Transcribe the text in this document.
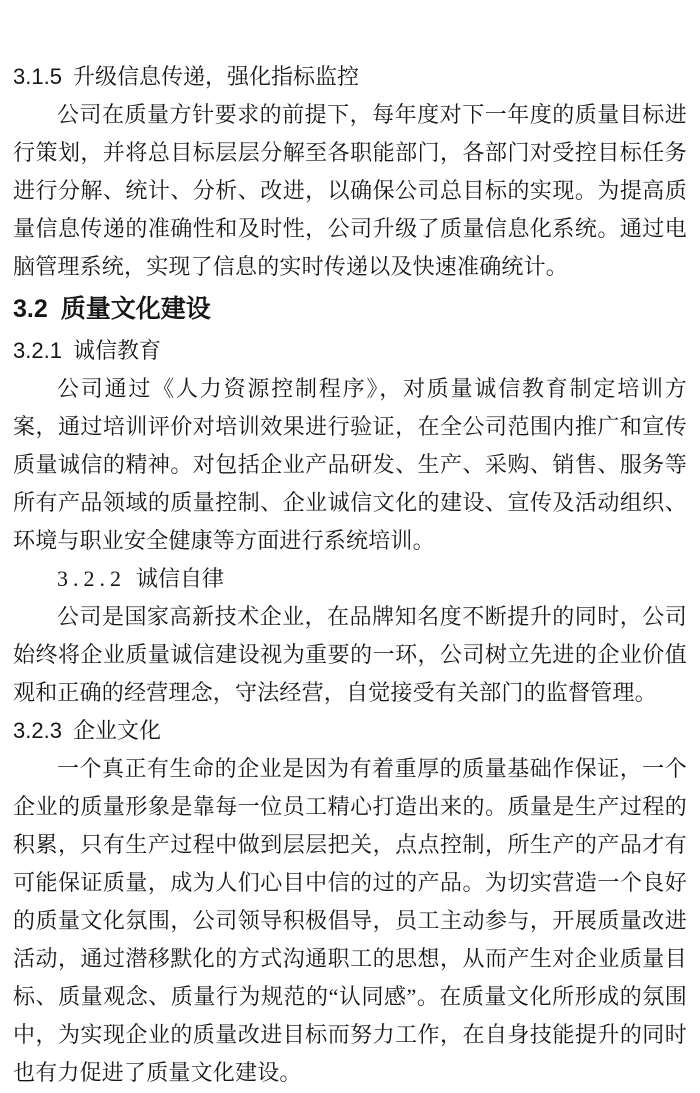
3.1.5 升级信息传递，强化指标监控

公司在质量方针要求的前提下，每年度对下一年度的质量目标进行策划，并将总目标层层分解至各职能部门，各部门对受控目标任务进行分解、统计、分析、改进，以确保公司总目标的实现。为提高质量信息传递的准确性和及时性，公司升级了质量信息化系统。通过电脑管理系统，实现了信息的实时传递以及快速准确统计。

3.2 质量文化建设
3.2.1 诚信教育

公司通过《人力资源控制程序》，对质量诚信教育制定培训方案，通过培训评价对培训效果进行验证，在全公司范围内推广和宣传质量诚信的精神。对包括企业产品研发、生产、采购、销售、服务等所有产品领域的质量控制、企业诚信文化的建设、宣传及活动组织、环境与职业安全健康等方面进行系统培训。

3.2.2 诚信自律

公司是国家高新技术企业，在品牌知名度不断提升的同时，公司始终将企业质量诚信建设视为重要的一环，公司树立先进的企业价值观和正确的经营理念，守法经营，自觉接受有关部门的监督管理。

3.2.3 企业文化

一个真正有生命的企业是因为有着重厚的质量基础作保证，一个企业的质量形象是靠每一位员工精心打造出来的。质量是生产过程的积累，只有生产过程中做到层层把关，点点控制，所生产的产品才有可能保证质量，成为人们心目中信的过的产品。为切实营造一个良好的质量文化氛围，公司领导积极倡导，员工主动参与，开展质量改进活动，通过潜移默化的方式沟通职工的思想，从而产生对企业质量目标、质量观念、质量行为规范的“认同感”。在质量文化所形成的氛围中，为实现企业的质量改进目标而努力工作，在自身技能提升的同时也有力促进了质量文化建设。
